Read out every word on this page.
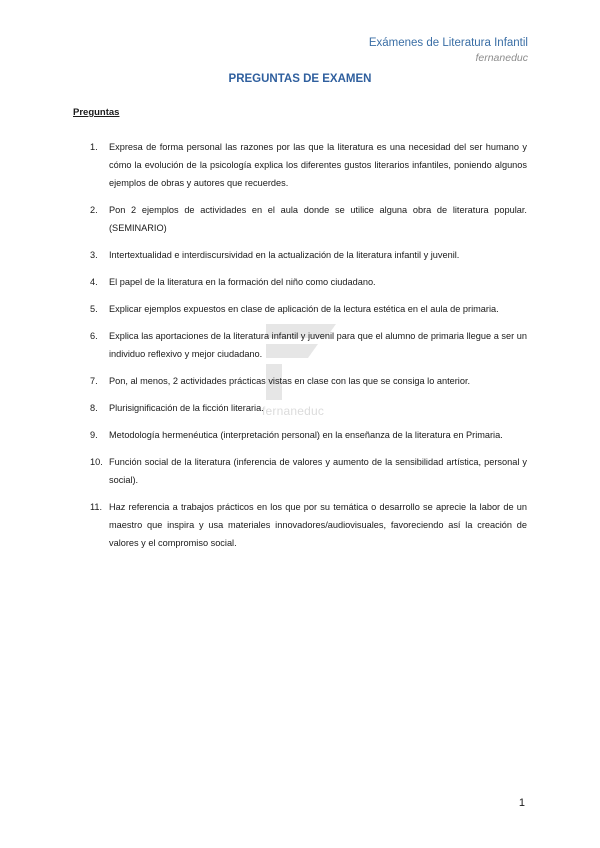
Exámenes de Literatura Infantil
fernaneduc
PREGUNTAS DE EXAMEN
Preguntas
fernaneduc
1.	Expresa de forma personal las razones por las que la literatura es una necesidad del ser humano y cómo la evolución de la psicología explica los diferentes gustos literarios infantiles, poniendo algunos ejemplos de obras y autores que recuerdes.
2.	Pon 2 ejemplos de actividades en el aula donde se utilice alguna obra de literatura popular. (SEMINARIO)
3.	Intertextualidad e interdiscursividad en la actualización de la literatura infantil y juvenil.
4.	El papel de la literatura en la formación del niño como ciudadano.
5.	Explicar ejemplos expuestos en clase de aplicación de la lectura estética en el aula de primaria.
6.	Explica las aportaciones de la literatura infantil y juvenil para que el alumno de primaria llegue a ser un individuo reflexivo y mejor ciudadano.
7.	Pon, al menos, 2 actividades prácticas vistas en clase con las que se consiga lo anterior.
8.	Plurisignificación de la ficción literaria.
9.	Metodología hermenéutica (interpretación personal) en la enseñanza de la literatura en Primaria.
10. Función social de la literatura (inferencia de valores y aumento de la sensibilidad artística, personal y social).
11. Haz referencia a trabajos prácticos en los que por su temática o desarrollo se aprecie la labor de un maestro que inspira y usa materiales innovadores/audiovisuales, favoreciendo así la creación de valores y el compromiso social.
1
